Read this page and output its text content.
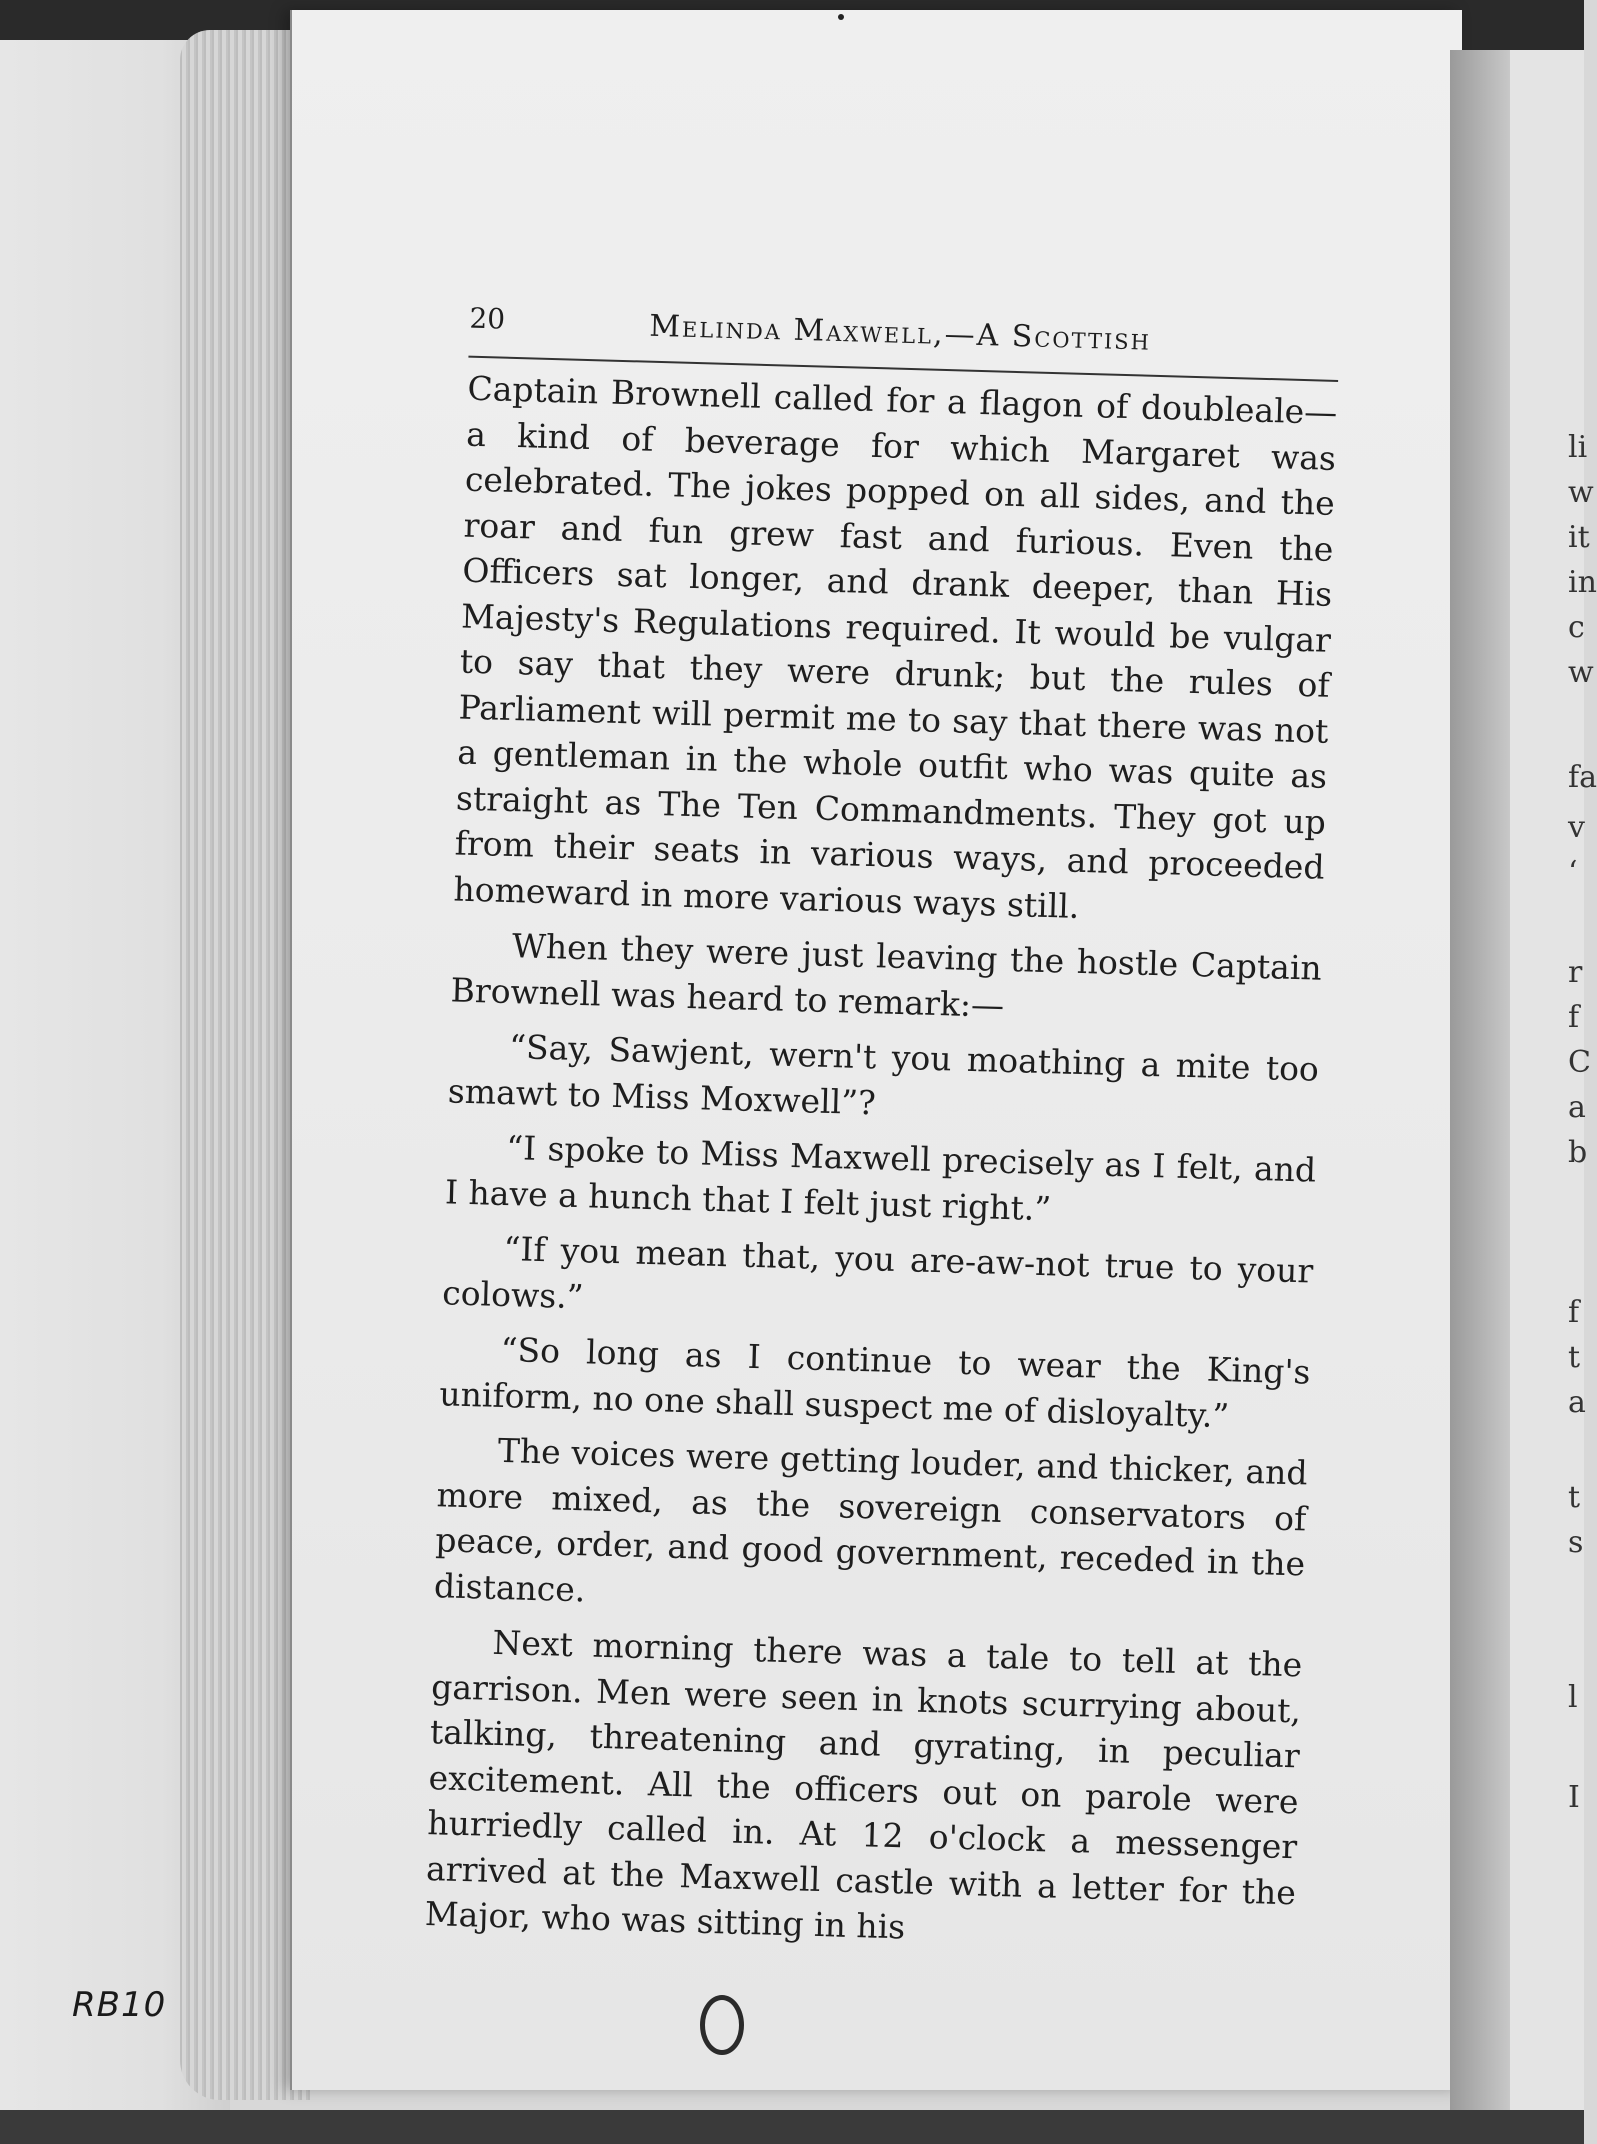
li
w
it
in
c
w
fa
v
‘
r
f
C
a
b
f
t
a
t
s
l
I
20	Melinda Maxwell,—A Scottish

Captain Brownell called for a flagon of doubleale—a kind of beverage for which Margaret was celebrated. The jokes popped on all sides, and the roar and fun grew fast and furious. Even the Officers sat longer, and drank deeper, than His Majesty's Regulations required. It would be vulgar to say that they were drunk; but the rules of Parliament will permit me to say that there was not a gentleman in the whole outfit who was quite as straight as The Ten Commandments. They got up from their seats in various ways, and proceeded homeward in more various ways still.

When they were just leaving the hostle Captain Brownell was heard to remark:—

“Say, Sawjent, wern't you moathing a mite too smawt to Miss Moxwell”?

“I spoke to Miss Maxwell precisely as I felt, and I have a hunch that I felt just right.”

“If you mean that, you are-aw-not true to your colows.”

“So long as I continue to wear the King's uniform, no one shall suspect me of disloyalty.”

The voices were getting louder, and thicker, and more mixed, as the sovereign conservators of peace, order, and good government, receded in the distance.

Next morning there was a tale to tell at the garrison. Men were seen in knots scurrying about, talking, threatening and gyrating, in peculiar excitement. All the officers out on parole were hurriedly called in. At 12 o'clock a messenger arrived at the Maxwell castle with a letter for the Major, who was sitting in his

RB10
